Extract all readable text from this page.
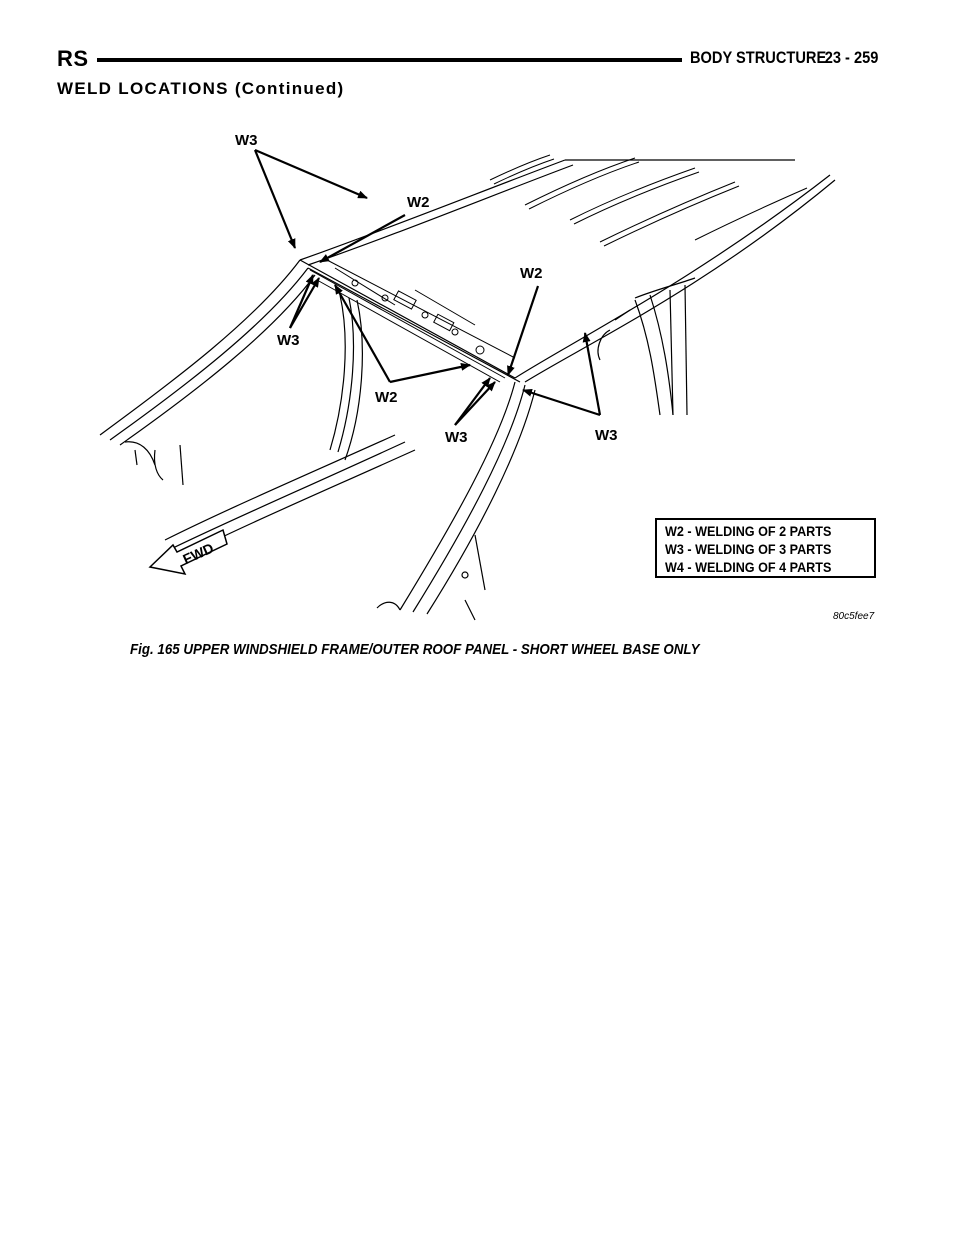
RS	BODY STRUCTURE
23 - 259
WELD LOCATIONS (Continued)
FWD
W3
W2
W2
W3
W2
W3	W3
W2 - WELDING OF 2 PARTS
W3 - WELDING OF 3 PARTS
W4 - WELDING OF 4 PARTS
80c5fee7
Fig. 165 UPPER WINDSHIELD FRAME/OUTER ROOF PANEL - SHORT WHEEL BASE ONLY
